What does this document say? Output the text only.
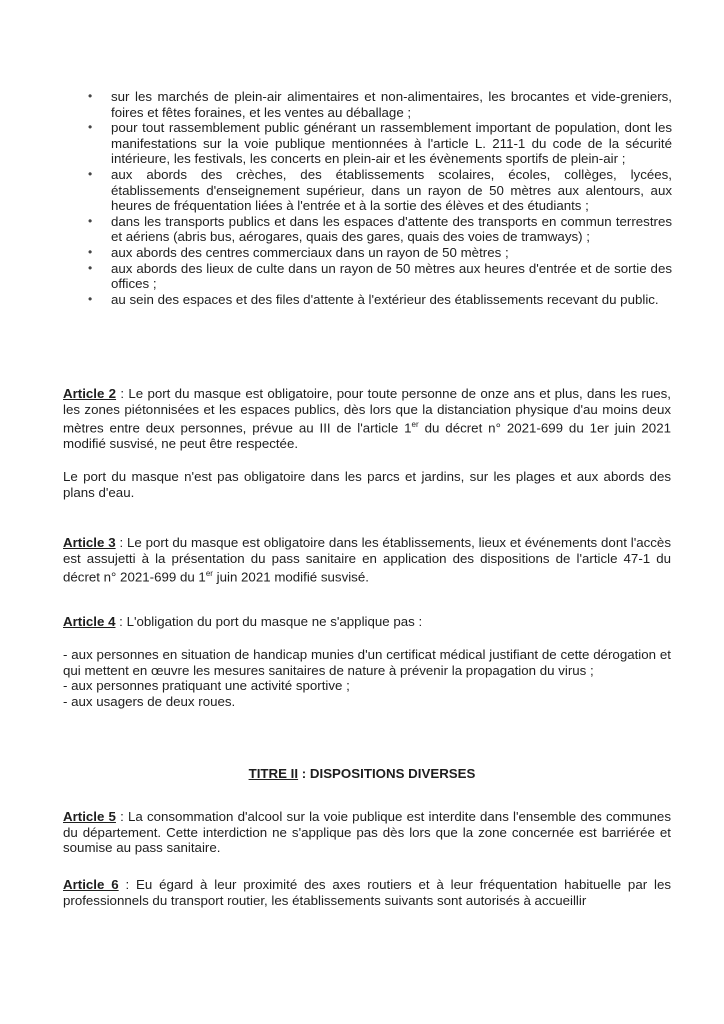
• sur les marchés de plein-air alimentaires et non-alimentaires, les brocantes et vide-greniers, foires et fêtes foraines, et les ventes au déballage ;
• pour tout rassemblement public générant un rassemblement important de population, dont les manifestations sur la voie publique mentionnées à l'article L. 211-1 du code de la sécurité intérieure, les festivals, les concerts en plein-air et les évènements sportifs de plein-air ;
• aux abords des crèches, des établissements scolaires, écoles, collèges, lycées, établissements d'enseignement supérieur, dans un rayon de 50 mètres aux alentours, aux heures de fréquentation liées à l'entrée et à la sortie des élèves et des étudiants ;
• dans les transports publics et dans les espaces d'attente des transports en commun terrestres et aériens (abris bus, aérogares, quais des gares, quais des voies de tramways) ;
• aux abords des centres commerciaux dans un rayon de 50 mètres ;
• aux abords des lieux de culte dans un rayon de 50 mètres aux heures d'entrée et de sortie des offices ;
• au sein des espaces et des files d'attente à l'extérieur des établissements recevant du public.
Article 2 : Le port du masque est obligatoire, pour toute personne de onze ans et plus, dans les rues, les zones piétonnisées et les espaces publics, dès lors que la distanciation physique d'au moins deux mètres entre deux personnes, prévue au III de l'article 1er du décret n° 2021-699 du 1er juin 2021 modifié susvisé, ne peut être respectée.
Le port du masque n'est pas obligatoire dans les parcs et jardins, sur les plages et aux abords des plans d'eau.
Article 3 : Le port du masque est obligatoire dans les établissements, lieux et événements dont l'accès est assujetti à la présentation du pass sanitaire en application des dispositions de l'article 47-1 du décret n° 2021-699 du 1er juin 2021 modifié susvisé.
Article 4 : L'obligation du port du masque ne s'applique pas :
- aux personnes en situation de handicap munies d'un certificat médical justifiant de cette dérogation et qui mettent en œuvre les mesures sanitaires de nature à prévenir la propagation du virus ;
- aux personnes pratiquant une activité sportive ;
- aux usagers de deux roues.
TITRE II : DISPOSITIONS DIVERSES
Article 5 : La consommation d'alcool sur la voie publique est interdite dans l'ensemble des communes du département. Cette interdiction ne s'applique pas dès lors que la zone concernée est barriérée et soumise au pass sanitaire.
Article 6 : Eu égard à leur proximité des axes routiers et à leur fréquentation habituelle par les professionnels du transport routier, les établissements suivants sont autorisés à accueillir
